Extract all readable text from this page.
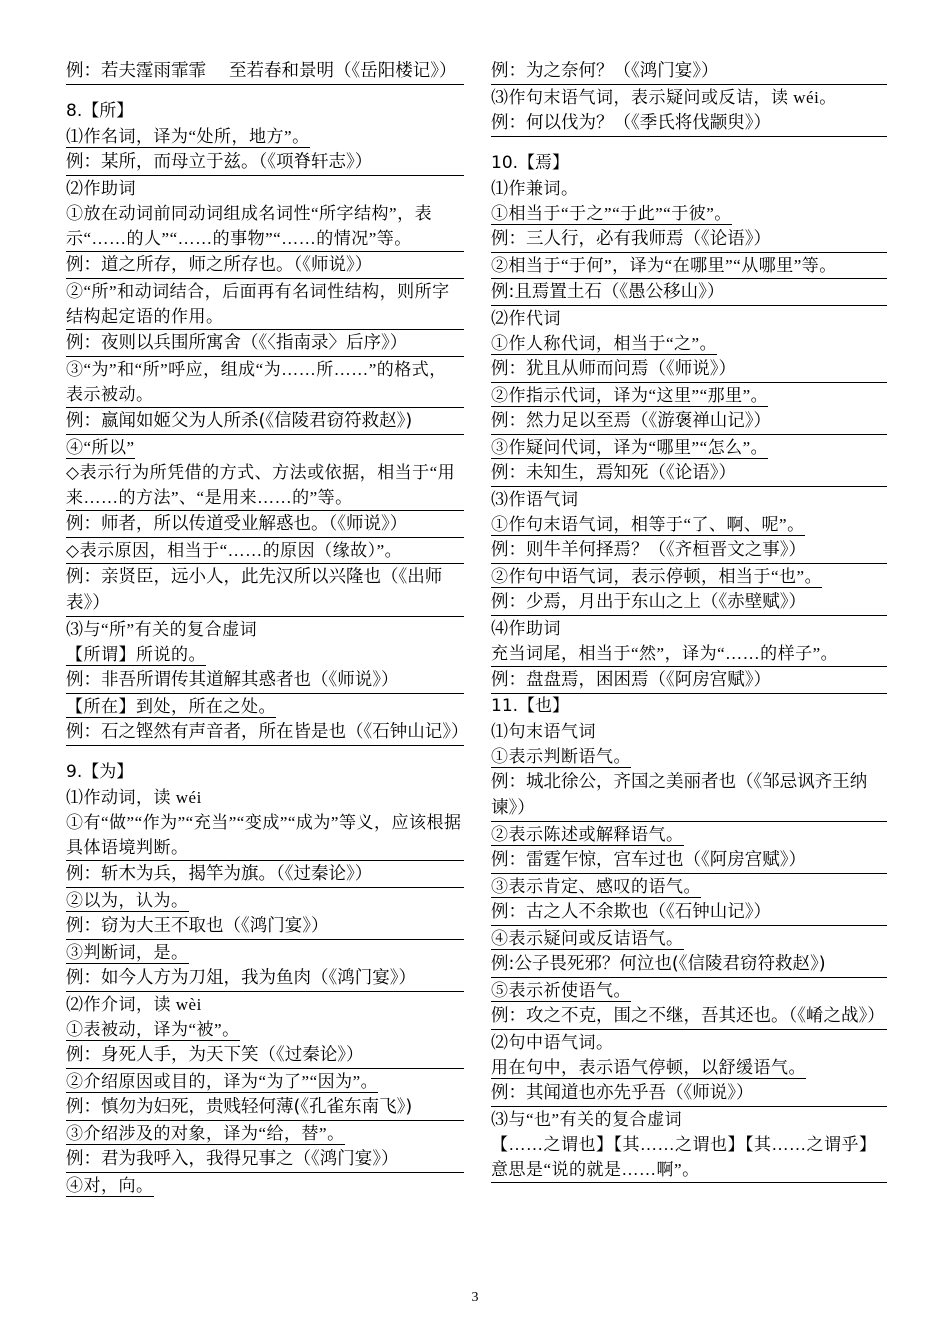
例：若夫霪雨霏霏　 至若春和景明（《岳阳楼记》）
8.【所】
⑴作名词，译为“处所，地方”。
例：某所，而母立于兹。（《项脊轩志》）
⑵作助词
①放在动词前同动词组成名词性“所字结构”，表示“……的人”“……的事物”“……的情况”等。
例：道之所存，师之所存也。（《师说》）
②“所”和动词结合，后面再有名词性结构，则所字结构起定语的作用。
例：夜则以兵围所寓舍（《〈指南录〉后序》）
③“为”和“所”呼应，组成“为……所……”的格式，表示被动。
例：嬴闻如姬父为人所杀(《信陵君窃符救赵》)
④“所以”
◇表示行为所凭借的方式、方法或依据，相当于“用来……的方法”、“是用来……的”等。
例：师者，所以传道受业解惑也。（《师说》）
◇表示原因，相当于“……的原因（缘故）”。
例：亲贤臣，远小人，此先汉所以兴隆也（《出师表》）
⑶与“所”有关的复合虚词
【所谓】所说的。
例：非吾所谓传其道解其惑者也（《师说》）
【所在】到处，所在之处。
例：石之铿然有声音者，所在皆是也（《石钟山记》）
9.【为】
⑴作动词，读 wéi
①有“做”“作为”“充当”“变成”“成为”等义，应该根据具体语境判断。
例：斩木为兵，揭竿为旗。（《过秦论》）
②以为，认为。
例：窃为大王不取也（《鸿门宴》）
③判断词，是。
例：如今人方为刀俎，我为鱼肉（《鸿门宴》）
⑵作介词，读 wèi
①表被动，译为“被”。
例：身死人手，为天下笑（《过秦论》）
②介绍原因或目的，译为“为了”“因为”。
例：慎勿为妇死，贵贱轻何薄(《孔雀东南飞》)
③介绍涉及的对象，译为“给，替”。
例：君为我呼入，我得兄事之（《鸿门宴》）
④对，向。
例：为之奈何？（《鸿门宴》）
⑶作句末语气词，表示疑问或反诘，读 wéi。
例：何以伐为？（《季氏将伐颛臾》）
10.【焉】
⑴作兼词。
①相当于“于之”“于此”“于彼”。
例：三人行，必有我师焉（《论语》）
②相当于“于何”，译为“在哪里”“从哪里”等。
例:且焉置土石（《愚公移山》）
⑵作代词
①作人称代词，相当于“之”。
例：犹且从师而问焉（《师说》）
②作指示代词，译为“这里”“那里”。
例：然力足以至焉（《游褒禅山记》）
③作疑问代词，译为“哪里”“怎么”。
例：未知生，焉知死（《论语》）
⑶作语气词
①作句末语气词，相等于“了、啊、呢”。
例：则牛羊何择焉？（《齐桓晋文之事》）
②作句中语气词，表示停顿，相当于“也”。
例：少焉，月出于东山之上（《赤壁赋》）
⑷作助词
充当词尾，相当于“然”，译为“……的样子”。
例：盘盘焉，困困焉（《阿房宫赋》）
11.【也】
⑴句末语气词
①表示判断语气。
例：城北徐公，齐国之美丽者也（《邹忌讽齐王纳谏》）
②表示陈述或解释语气。
例：雷霆乍惊，宫车过也（《阿房宫赋》）
③表示肯定、感叹的语气。
例：古之人不余欺也（《石钟山记》）
④表示疑问或反诘语气。
例:公子畏死邪？何泣也(《信陵君窃符救赵》)
⑤表示祈使语气。
例：攻之不克，围之不继，吾其还也。（《崤之战》）
⑵句中语气词。
用在句中，表示语气停顿，以舒缓语气。
例：其闻道也亦先乎吾（《师说》）
⑶与“也”有关的复合虚词
【……之谓也】【其……之谓也】【其……之谓乎】意思是“说的就是……啊”。
3
